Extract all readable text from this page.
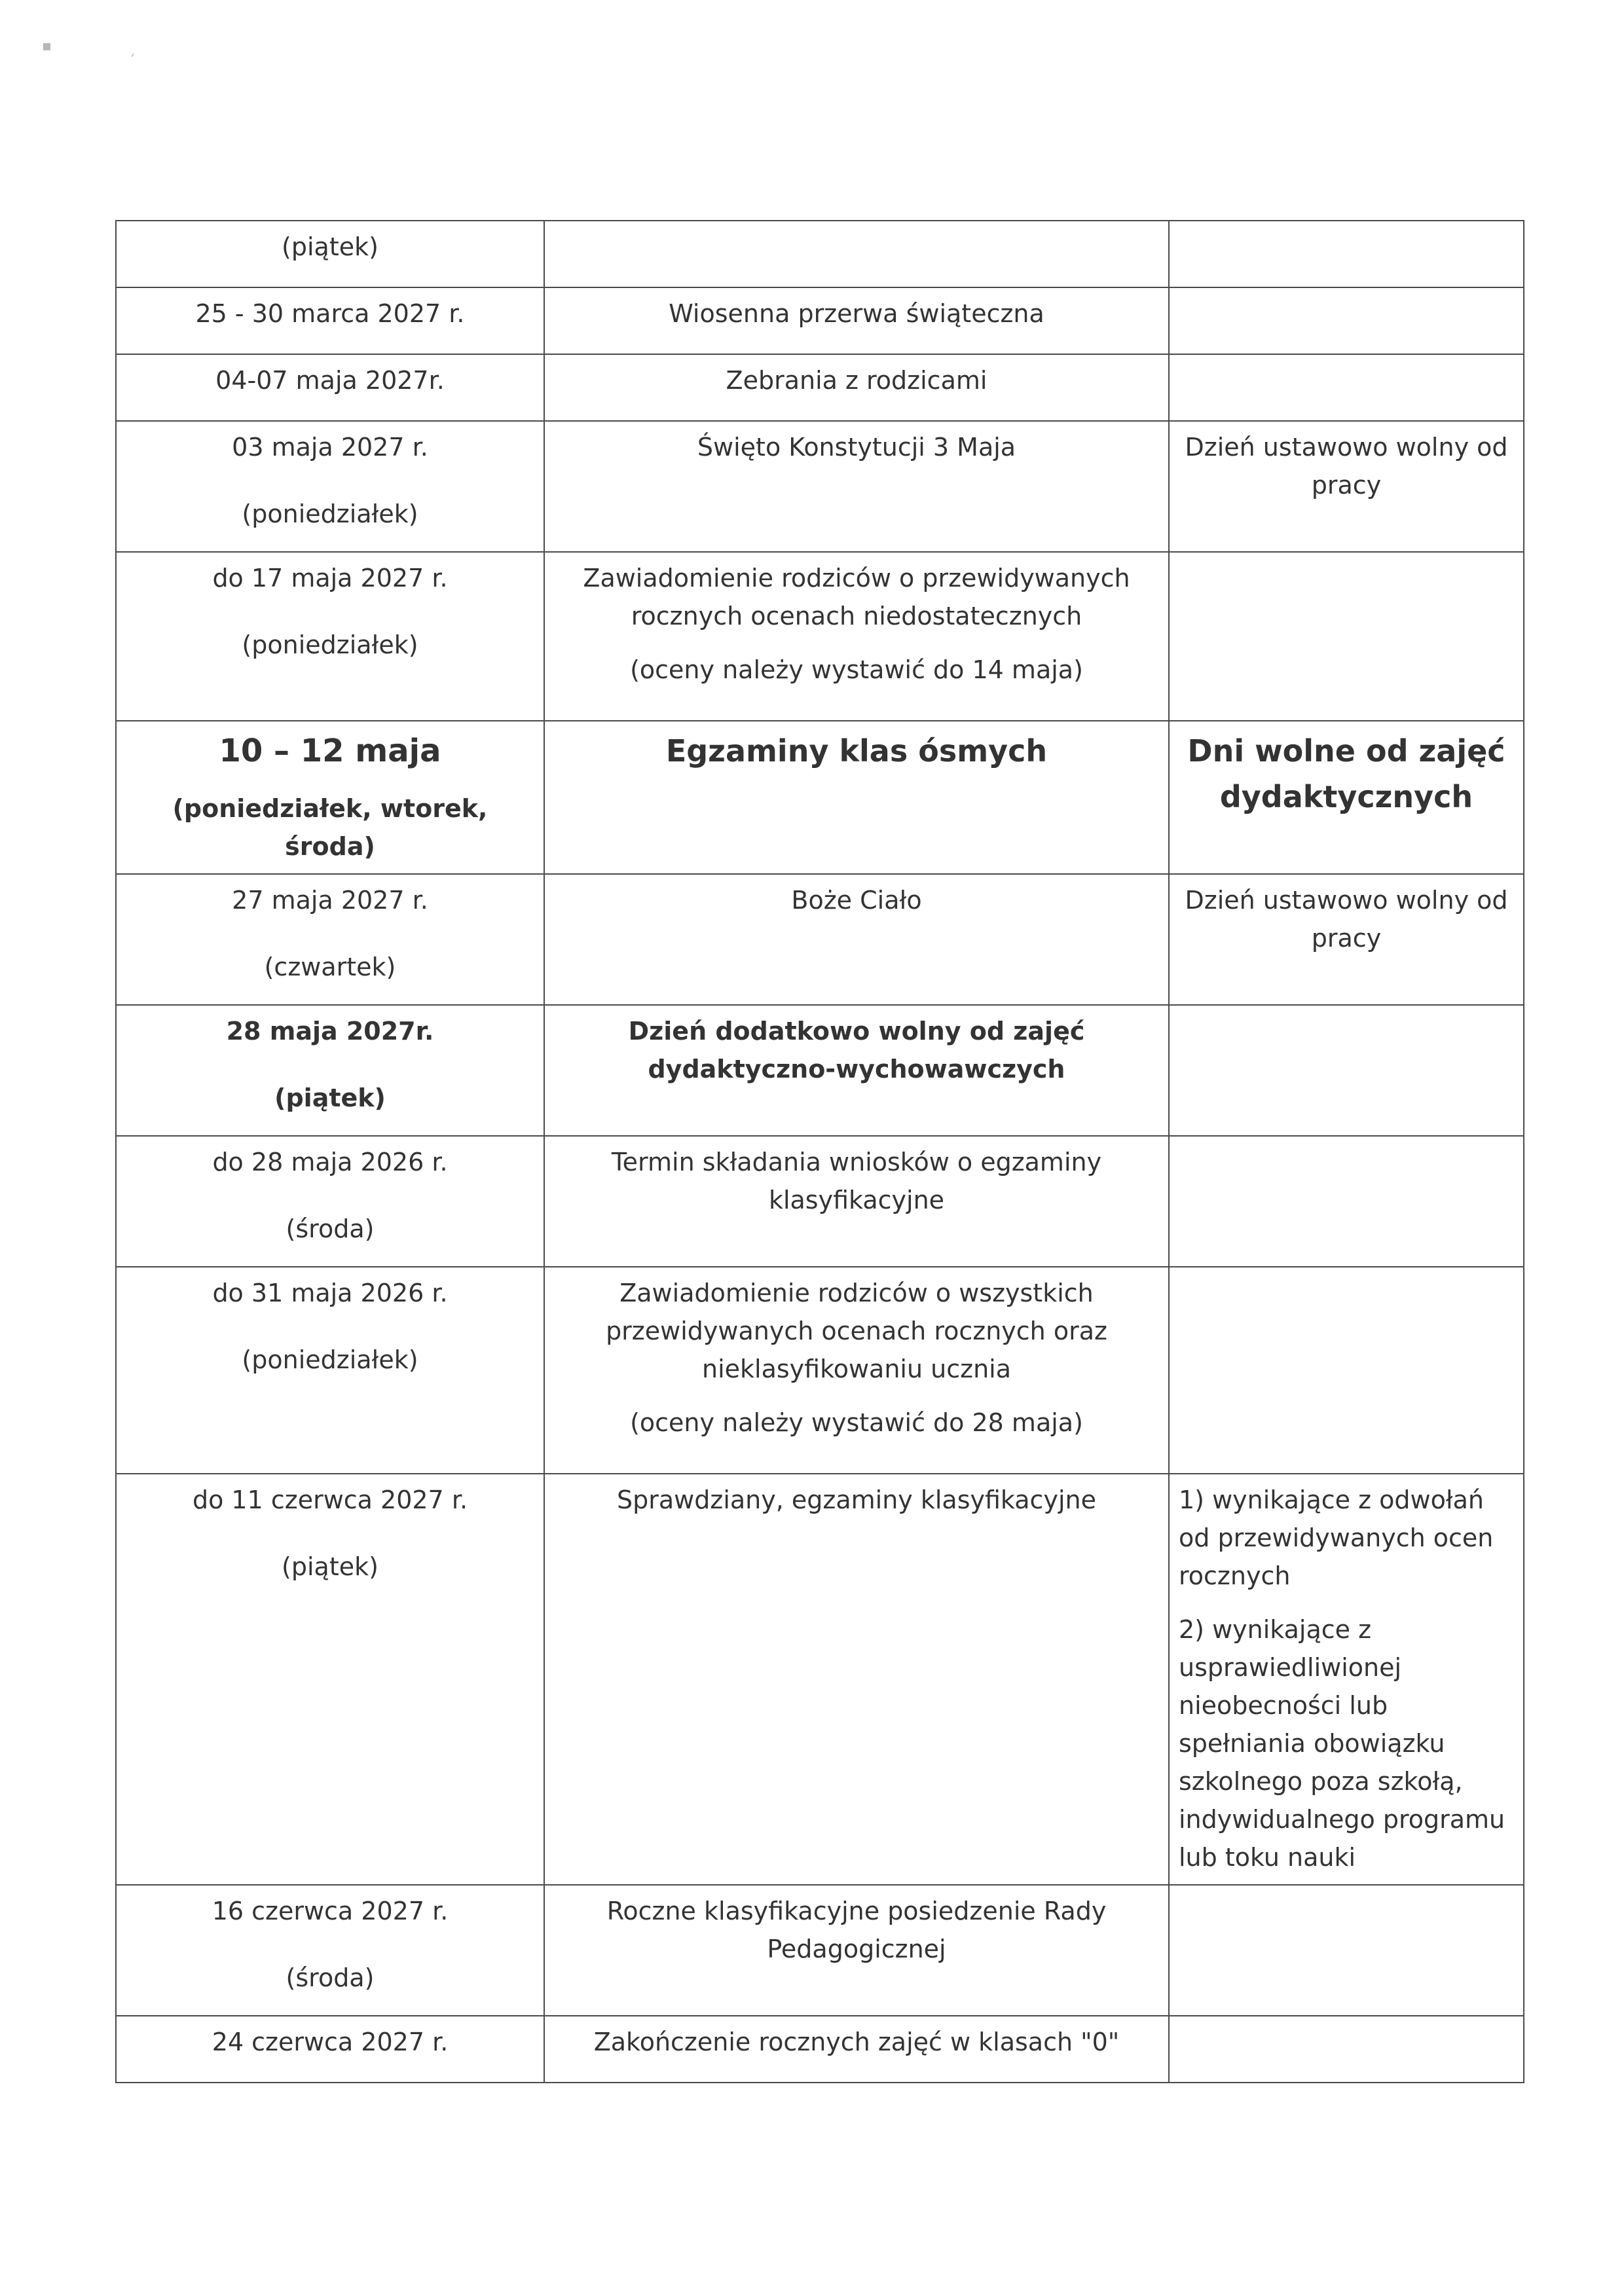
▪	ˏ
(piątek)		

25 - 30 marca 2027 r.	Wiosenna przerwa świąteczna	

04-07 maja 2027r.	Zebrania z rodzicami	

03 maja 2027 r.
(poniedziałek)	Święto Konstytucji 3 Maja	Dzień ustawowo wolny od pracy

do 17 maja 2027 r.
(poniedziałek)	Zawiadomienie rodziców o przewidywanych rocznych ocenach niedostatecznych
(oceny należy wystawić do 14 maja)	

10 – 12 maja
(poniedziałek, wtorek, środa)	Egzaminy klas ósmych	Dni wolne od zajęć dydaktycznych

27 maja 2027 r.
(czwartek)	Boże Ciało	Dzień ustawowo wolny od pracy

28 maja 2027r.
(piątek)	Dzień dodatkowo wolny od zajęć dydaktyczno-wychowawczych	

do 28 maja 2026 r.
(środa)	Termin składania wniosków o egzaminy klasyfikacyjne	

do 31 maja 2026 r.
(poniedziałek)	Zawiadomienie rodziców o wszystkich przewidywanych ocenach rocznych oraz nieklasyfikowaniu ucznia
(oceny należy wystawić do 28 maja)	

do 11 czerwca 2027 r.
(piątek)	Sprawdziany, egzaminy klasyfikacyjne	1) wynikające z odwołań od przewidywanych ocen rocznych
2) wynikające z usprawiedliwionej nieobecności lub spełniania obowiązku szkolnego poza szkołą, indywidualnego programu lub toku nauki

16 czerwca 2027 r.
(środa)	Roczne klasyfikacyjne posiedzenie Rady Pedagogicznej	

24 czerwca 2027 r.	Zakończenie rocznych zajęć w klasach "0"	
